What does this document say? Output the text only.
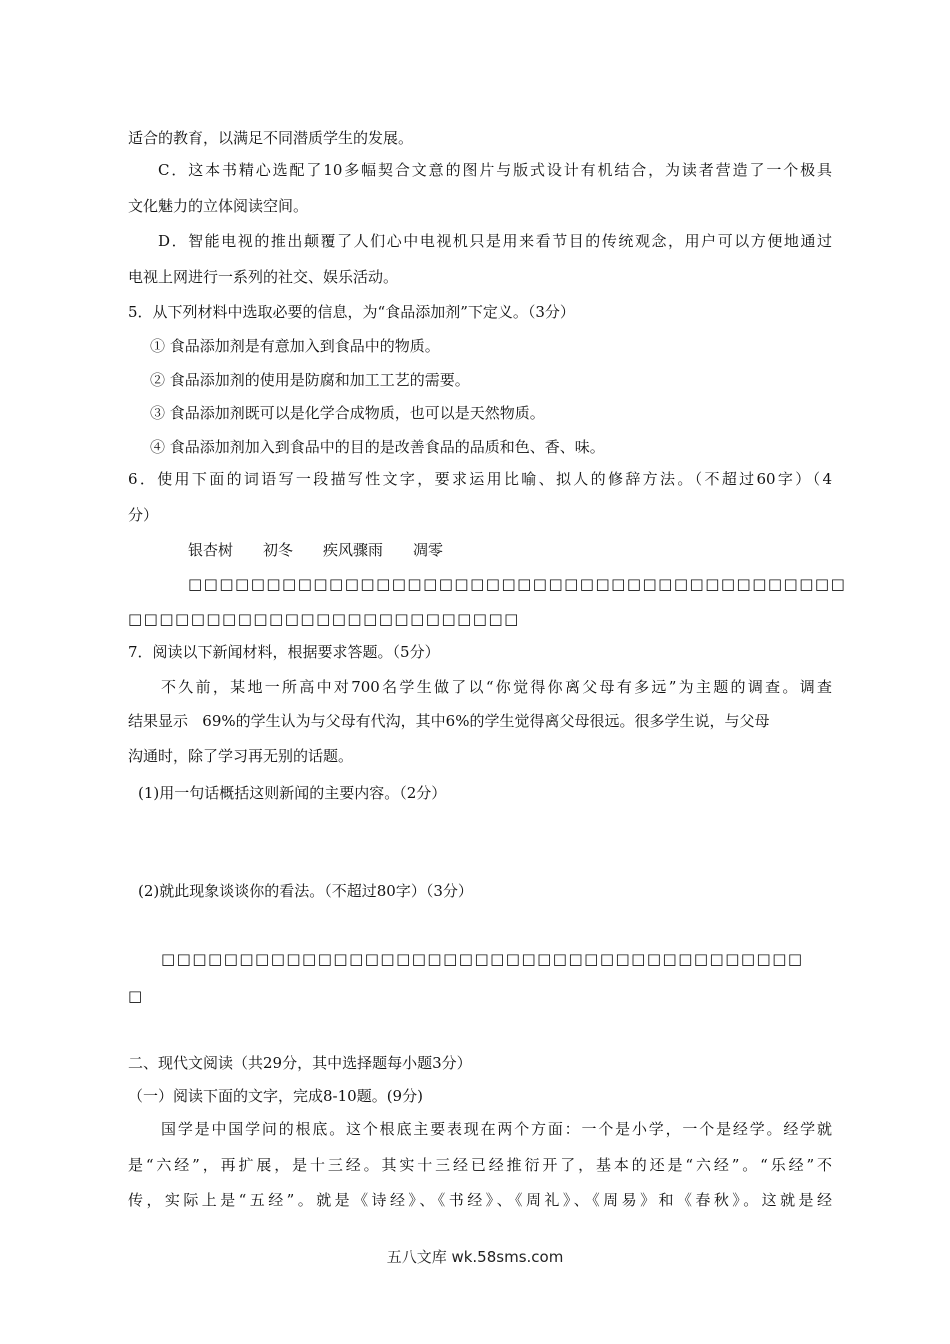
适合的教育，以满足不同潜质学生的发展。
C．这本书精心选配了10多幅契合文意的图片与版式设计有机结合，为读者营造了一个极具
文化魅力的立体阅读空间。
D．智能电视的推出颠覆了人们心中电视机只是用来看节目的传统观念，用户可以方便地通过
电视上网进行一系列的社交、娱乐活动。
5．从下列材料中选取必要的信息，为“食品添加剂”下定义。（3分）
① 食品添加剂是有意加入到食品中的物质。
② 食品添加剂的使用是防腐和加工工艺的需要。
③ 食品添加剂既可以是化学合成物质，也可以是天然物质。
④ 食品添加剂加入到食品中的目的是改善食品的品质和色、香、味。
6．使用下面的词语写一段描写性文字，要求运用比喻、拟人的修辞方法。（不超过60字）（4
分）
银杏树 初冬 疾风骤雨 凋零
□□□□□□□□□□□□□□□□□□□□□□□□□□□□□□□□□□□□□□□□□□
□□□□□□□□□□□□□□□□□□□□□□□□□
7．阅读以下新闻材料，根据要求答题。（5分）
不久前，某地一所高中对700名学生做了以“你觉得你离父母有多远”为主题的调查。调查
结果显示   69%的学生认为与父母有代沟，其中6%的学生觉得离父母很远。很多学生说，与父母
沟通时，除了学习再无别的话题。
(1)用一句话概括这则新闻的主要内容。（2分）
(2)就此现象谈谈你的看法。（不超过80字）（3分）
□□□□□□□□□□□□□□□□□□□□□□□□□□□□□□□□□□□□□□□□□
□
二、现代文阅读（共29分，其中选择题每小题3分）
（一）阅读下面的文字，完成8-10题。(9分)
国学是中国学问的根底。这个根底主要表现在两个方面：一个是小学，一个是经学。经学就
是“六经”，再扩展，是十三经。其实十三经已经推衍开了，基本的还是“六经”。“乐经”不
传，实际上是“五经”。就是《诗经》、《书经》、《周礼》、《周易》和《春秋》。这就是经
五八文库 wk.58sms.com
